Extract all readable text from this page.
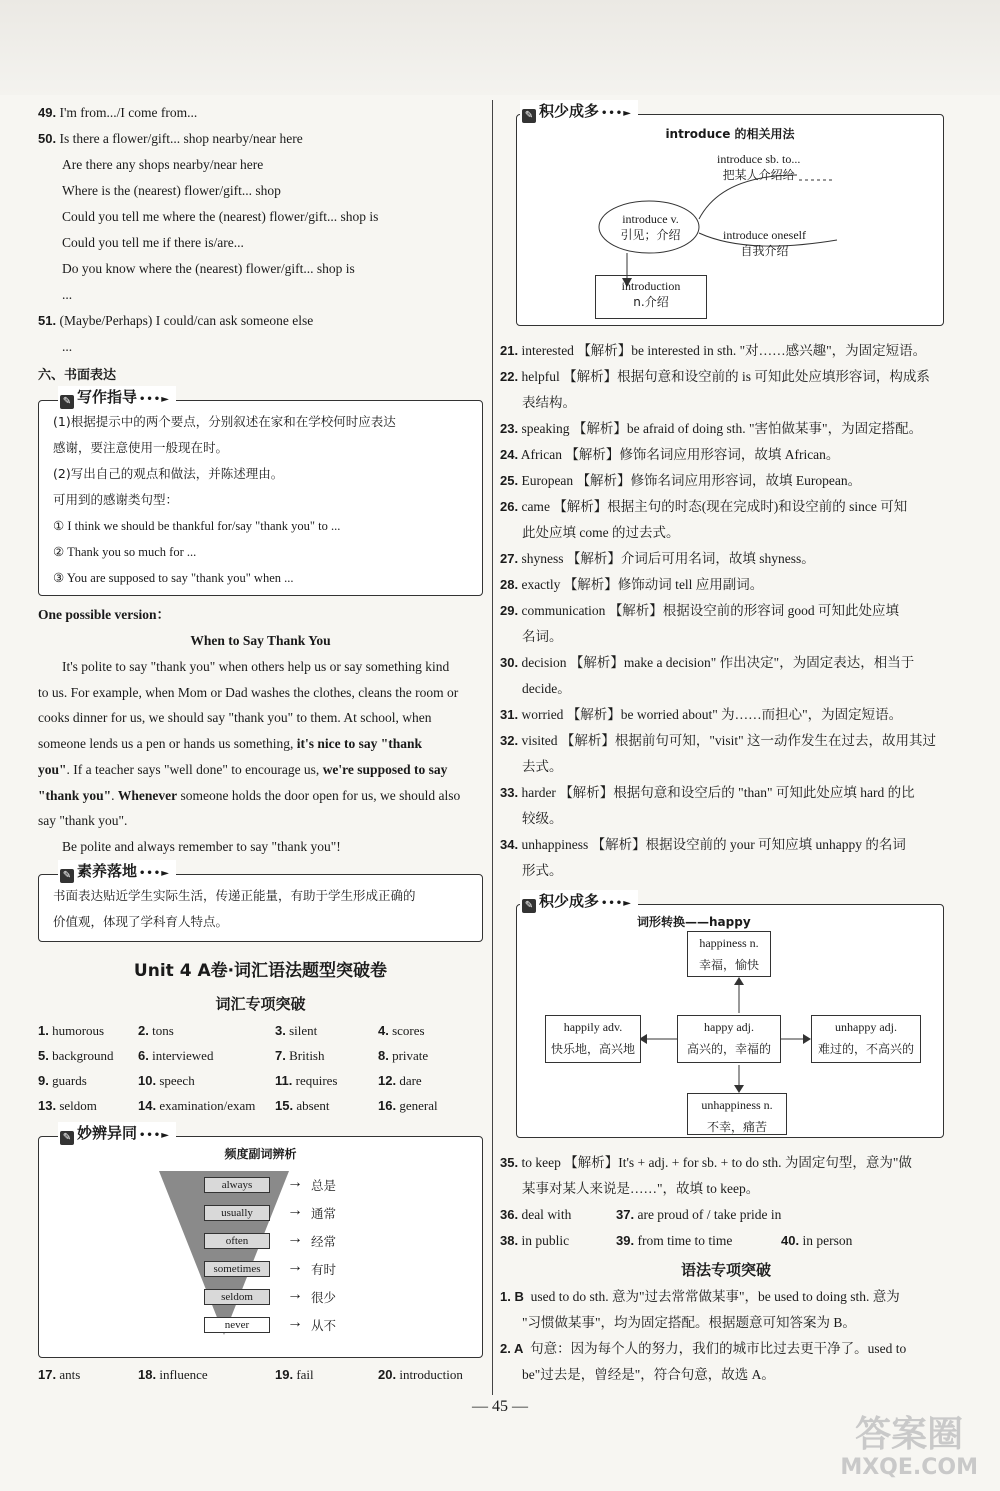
49. I'm from.../I come from...
50. Is there a flower/gift... shop nearby/near here
Are there any shops nearby/near here
Where is the (nearest) flower/gift... shop
Could you tell me where the (nearest) flower/gift... shop is
Could you tell me if there is/are...
Do you know where the (nearest) flower/gift... shop is
...
51. (Maybe/Perhaps) I could/can ask someone else
...
六、书面表达
✎ 写作指导 •••►
(1)根据提示中的两个要点，分别叙述在家和在学校何时应表达
感谢，要注意使用一般现在时。
(2)写出自己的观点和做法，并陈述理由。
可用到的感谢类句型：
① I think we should be thankful for/say "thank you" to ...
② Thank you so much for ...
③ You are supposed to say "thank you" when ...
One possible version：
When to Say Thank You
It's polite to say "thank you" when others help us or say something kind
to us. For example, when Mom or Dad washes the clothes, cleans the room or
cooks dinner for us, we should say "thank you" to them. At school, when
someone lends us a pen or hands us something, it's nice to say "thank
you". If a teacher says "well done" to encourage us, we're supposed to say
"thank you". Whenever someone holds the door open for us, we should also
say "thank you".
Be polite and always remember to say "thank you"!
✎ 素养落地 •••►
书面表达贴近学生实际生活，传递正能量，有助于学生形成正确的
价值观，体现了学科育人特点。
Unit 4 A卷·词汇语法题型突破卷
词汇专项突破
1. humorous	2. tons	3. silent	4. scores
5. background	6. interviewed	7. British	8. private
9. guards	10. speech	11. requires	12. dare
13. seldom	14. examination/exam	15. absent	16. general
✎ 妙辨异同 •••►
频度副词辨析
always	→ 总是
usually	→ 通常
often	→ 经常
sometimes	→ 有时
seldom	→ 很少
never	→ 从不
17. ants	18. influence	19. fail	20. introduction
✎ 积少成多 •••►
introduce 的相关用法
introduce sb. to...
把某人介绍给
introduce v.
引见；介绍	introduce oneself
自我介绍
introduction
n.介绍
21. interested 【解析】be interested in sth. "对……感兴趣"，为固定短语。
22. helpful 【解析】根据句意和设空前的 is 可知此处应填形容词，构成系
表结构。
23. speaking 【解析】be afraid of doing sth. "害怕做某事"，为固定搭配。
24. African 【解析】修饰名词应用形容词，故填 African。
25. European 【解析】修饰名词应用形容词，故填 European。
26. came 【解析】根据主句的时态(现在完成时)和设空前的 since 可知
此处应填 come 的过去式。
27. shyness 【解析】介词后可用名词，故填 shyness。
28. exactly 【解析】修饰动词 tell 应用副词。
29. communication 【解析】根据设空前的形容词 good 可知此处应填
名词。
30. decision 【解析】make a decision" 作出决定"，为固定表达，相当于
decide。
31. worried 【解析】be worried about" 为……而担心"，为固定短语。
32. visited 【解析】根据前句可知，"visit" 这一动作发生在过去，故用其过
去式。
33. harder 【解析】根据句意和设空后的 "than" 可知此处应填 hard 的比
较级。
34. unhappiness 【解析】根据设空前的 your 可知应填 unhappy 的名词
形式。
✎ 积少成多 •••►
词形转换——happy
happiness n.
幸福，愉快
happily adv.
快乐地，高兴地
happy adj.
高兴的，幸福的
unhappy adj.
难过的，不高兴的
unhappiness n.
不幸，痛苦
35. to keep 【解析】It's + adj. + for sb. + to do sth. 为固定句型，意为"做
某事对某人来说是……"，故填 to keep。
36. deal with	37. are proud of / take pride in
38. in public	39. from time to time	40. in person
语法专项突破
1. B used to do sth. 意为"过去常常做某事"，be used to doing sth. 意为
"习惯做某事"，均为固定搭配。根据题意可知答案为 B。
2. A 句意：因为每个人的努力，我们的城市比过去更干净了。used to
be"过去是，曾经是"，符合句意，故选 A。
— 45 —
答案圈
MXQE.COM
